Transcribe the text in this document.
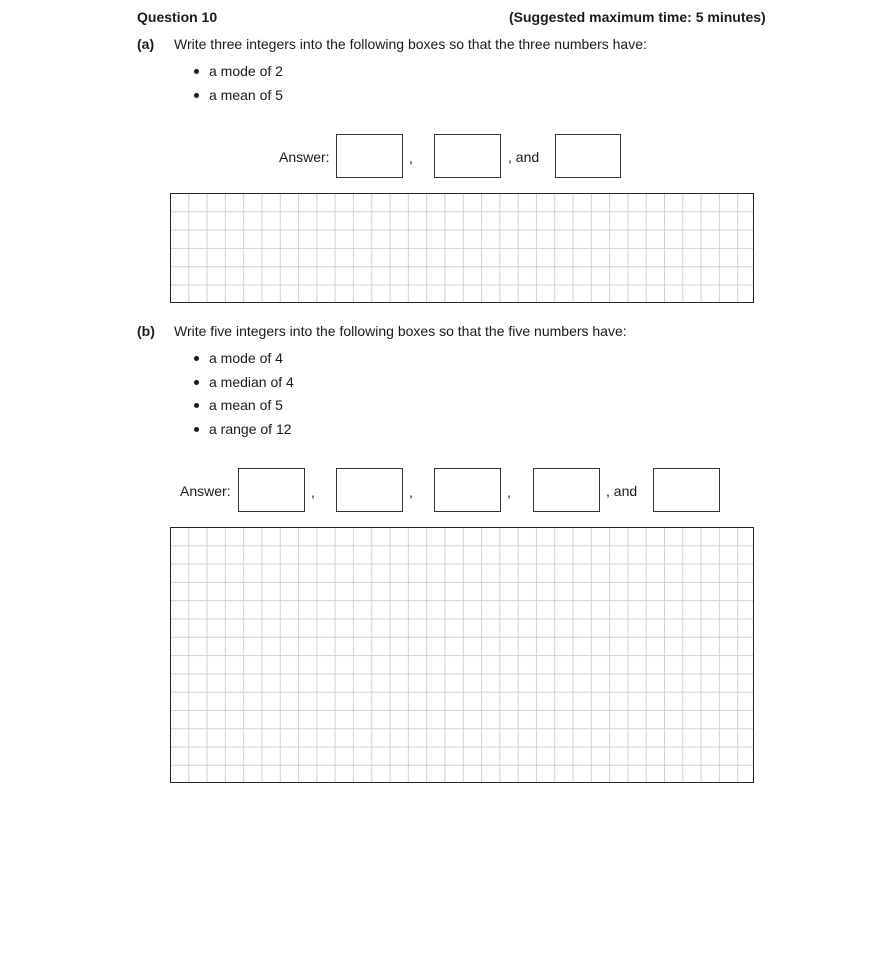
Question 10	(Suggested maximum time: 5 minutes)
(a) Write three integers into the following boxes so that the three numbers have:
a mode of 2
a mean of 5
Answer:	,	, and
(b) Write five integers into the following boxes so that the five numbers have:
a mode of 4
a median of 4
a mean of 5
a range of 12
Answer:	,	,	,	, and
